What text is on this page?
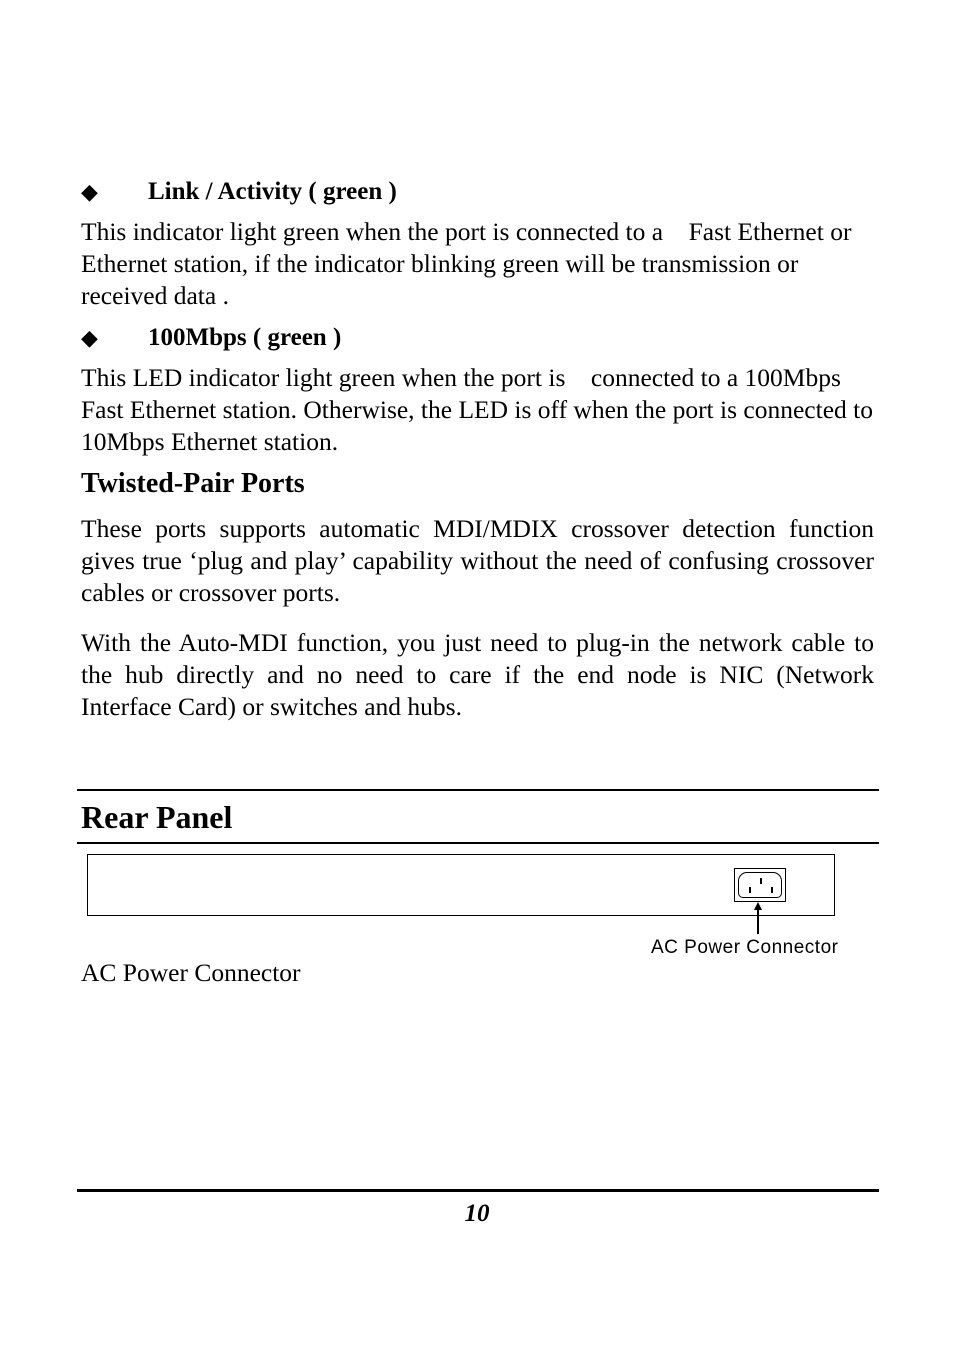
◆ Link / Activity ( green )

This indicator light green when the port is connected to a    Fast Ethernet or Ethernet station, if the indicator blinking green will be transmission or received data .

◆ 100Mbps ( green )

This LED indicator light green when the port is    connected to a 100Mbps Fast Ethernet station. Otherwise, the LED is off when the port is connected to 10Mbps Ethernet station.

Twisted-Pair Ports

These ports supports automatic MDI/MDIX crossover detection function gives true ‘plug and play’ capability without the need of confusing crossover cables or crossover ports.

With the Auto-MDI function, you just need to plug-in the network cable to the hub directly and no need to care if the end node is NIC (Network Interface Card) or switches and hubs.

Rear Panel
AC Power Connector
AC Power Connector
10
